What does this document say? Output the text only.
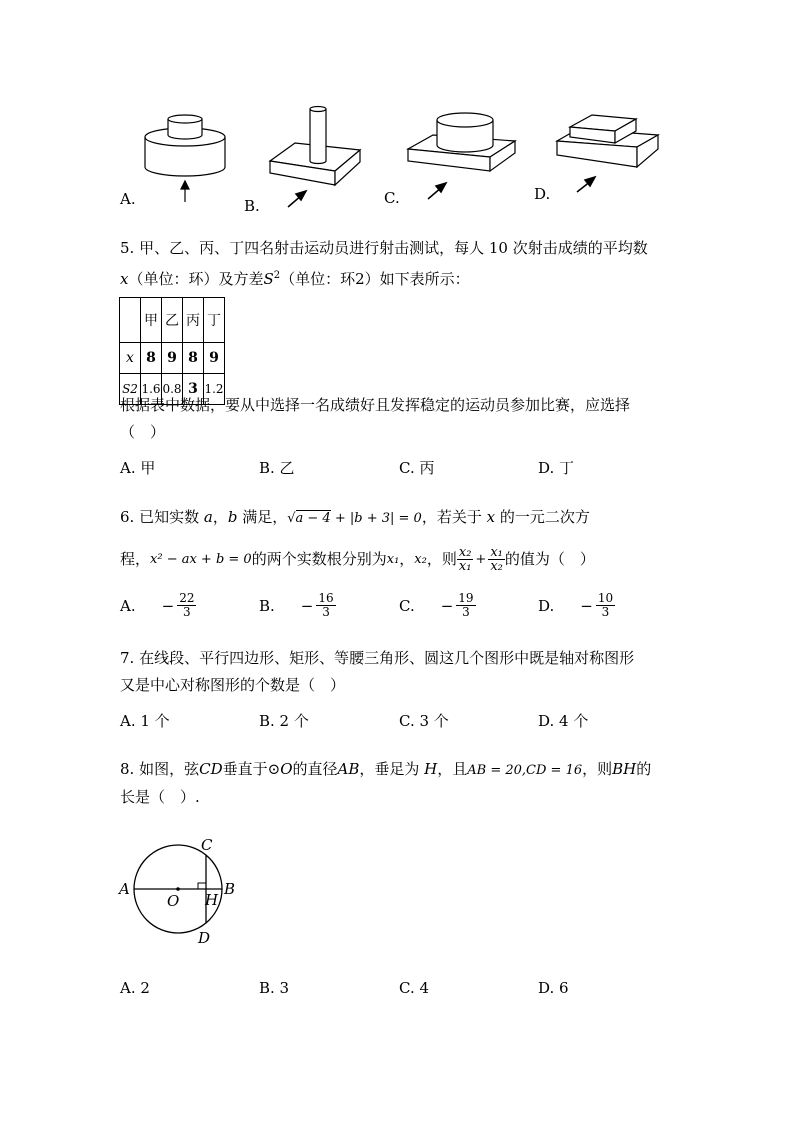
A.	B.	C.	D.
5. 甲、乙、丙、丁四名射击运动员进行射击测试，每人 10 次射击成绩的平均数
x（单位：环）及方差$S^2$（单位：环2）如下表所示：
	甲	乙	丙	丁
x	8	9	8	9
S2	1.6	0.8	3	1.2
根据表中数据，要从中选择一名成绩好且发挥稳定的运动员参加比赛，应选择
（　）
A. 甲	B. 乙	C. 丙	D. 丁
6. 已知实数 a，b 满足，√a − 4 + |b + 3| = 0，若关于 x 的一元二次方
程， x² − ax + b = 0 的两个实数根分别为 x₁ ， x₂ ，则 $\frac{\text{x₂}}{\text{x₁}} + \frac{\text{x₁}}{\text{x₂}}$ 的值为（　）
A. − $\frac{22}{3}$	B. − $\frac{16}{3}$	C. − $\frac{19}{3}$	D. − $\frac{10}{3}$
7. 在线段、平行四边形、矩形、等腰三角形、圆这几个图形中既是轴对称图形
又是中心对称图形的个数是（　）
A. 1 个	B. 2 个	C. 3 个	D. 4 个
8. 如图，弦CD垂直于⊙O的直径AB，垂足为 H，且AB = 20,CD = 16，则BH的
长是（　）.
A	B
C
D
O H
A. 2	B. 3	C. 4	D. 6
